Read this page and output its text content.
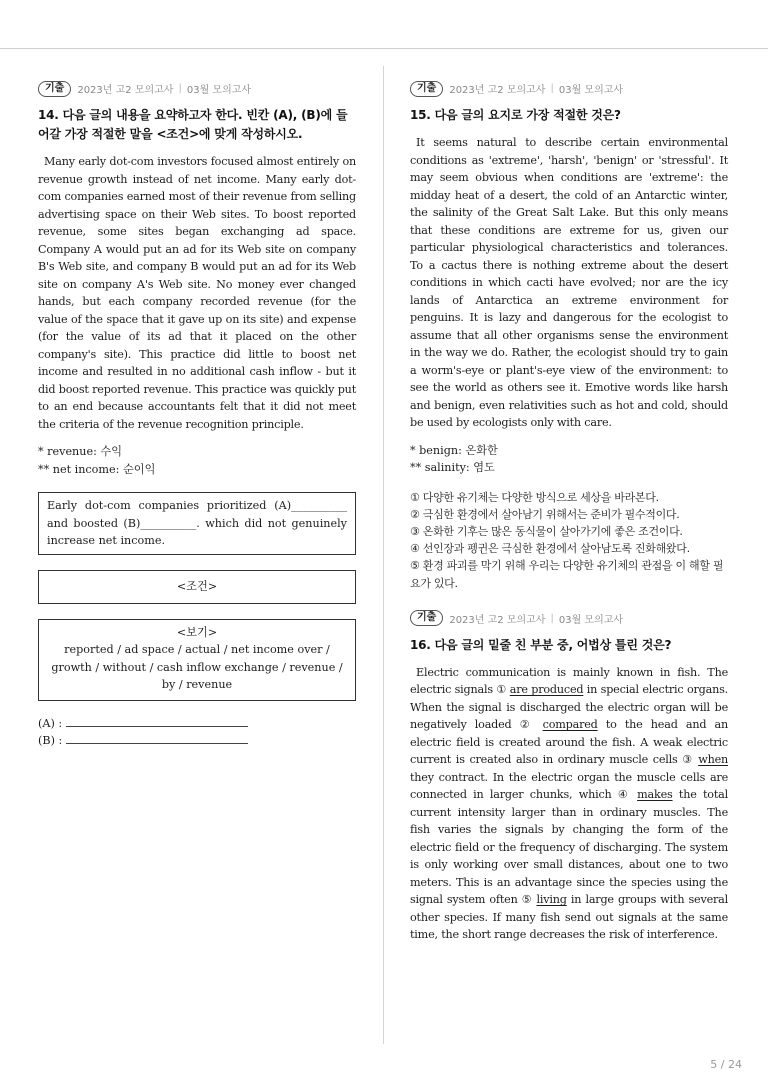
기출	2023년 고2 모의고사 | 03월 모의고사
14. 다음 글의 내용을 요약하고자 한다. 빈칸 (A), (B)에 들어갈 가장 적절한 말을 <조건>에 맞게 작성하시오.

Many early dot-com investors focused almost entirely on revenue growth instead of net income. Many early dot-com companies earned most of their revenue from selling advertising space on their Web sites. To boost reported revenue, some sites began exchanging ad space. Company A would put an ad for its Web site on company B's Web site, and company B would put an ad for its Web site on company A's Web site. No money ever changed hands, but each company recorded revenue (for the value of the space that it gave up on its site) and expense (for the value of its ad that it placed on the other company's site). This practice did little to boost net income and resulted in no additional cash inflow - but it did boost reported revenue. This practice was quickly put to an end because accountants felt that it did not meet the criteria of the revenue recognition principle.

* revenue: 수익
** net income: 순이익
Early dot-com companies prioritized (A)__________ and boosted (B)__________. which did not genuinely increase net income.
<조건>
<보기>
reported / ad space / actual / net income over / growth / without / cash inflow exchange / revenue / by / revenue
(A) :
(B) :
기출	2023년 고2 모의고사 | 03월 모의고사
15. 다음 글의 요지로 가장 적절한 것은?

It seems natural to describe certain environmental conditions as 'extreme', 'harsh', 'benign' or 'stressful'. It may seem obvious when conditions are 'extreme': the midday heat of a desert, the cold of an Antarctic winter, the salinity of the Great Salt Lake. But this only means that these conditions are extreme for us, given our particular physiological characteristics and tolerances. To a cactus there is nothing extreme about the desert conditions in which cacti have evolved; nor are the icy lands of Antarctica an extreme environment for penguins. It is lazy and dangerous for the ecologist to assume that all other organisms sense the environment in the way we do. Rather, the ecologist should try to gain a worm's-eye or plant's-eye view of the environment: to see the world as others see it. Emotive words like harsh and benign, even relativities such as hot and cold, should be used by ecologists only with care.

* benign: 온화한
** salinity: 염도
① 다양한 유기체는 다양한 방식으로 세상을 바라본다.
② 극심한 환경에서 살아남기 위해서는 준비가 필수적이다.
③ 온화한 기후는 많은 동식물이 살아가기에 좋은 조건이다.
④ 선인장과 펭귄은 극심한 환경에서 살아남도록 진화해왔다.
⑤ 환경 파괴를 막기 위해 우리는 다양한 유기체의 관점을 이 해할 필요가 있다.
기출	2023년 고2 모의고사 | 03월 모의고사
16. 다음 글의 밑줄 친 부분 중, 어법상 틀린 것은?

Electric communication is mainly known in fish. The electric signals ① are produced in special electric organs. When the signal is discharged the electric organ will be negatively loaded ② compared to the head and an electric field is created around the fish. A weak electric current is created also in ordinary muscle cells ③ when they contract. In the electric organ the muscle cells are connected in larger chunks, which ④ makes the total current intensity larger than in ordinary muscles. The fish varies the signals by changing the form of the electric field or the frequency of discharging. The system is only working over small distances, about one to two meters. This is an advantage since the species using the signal system often ⑤ living in large groups with several other species. If many fish send out signals at the same time, the short range decreases the risk of interference.

5 / 24
